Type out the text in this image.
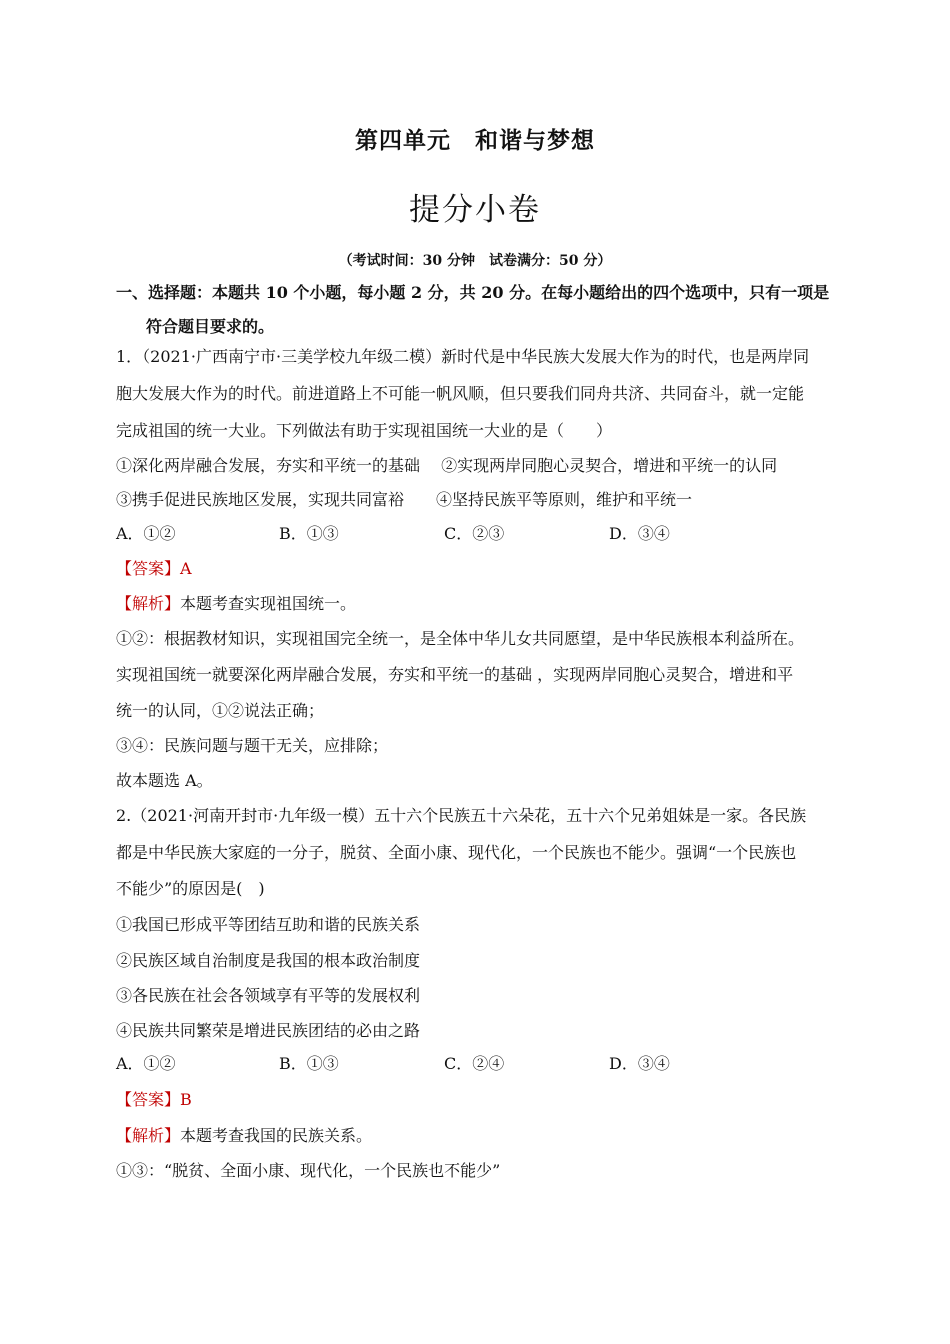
第四单元　和谐与梦想
提分小卷
（考试时间：30 分钟　试卷满分：50 分）
一、选择题：本题共 10 个小题，每小题 2 分，共 20 分。在每小题给出的四个选项中，只有一项是
符合题目要求的。
1．（2021·广西南宁市·三美学校九年级二模）新时代是中华民族大发展大作为的时代，也是两岸同
胞大发展大作为的时代。前进道路上不可能一帆风顺，但只要我们同舟共济、共同奋斗，就一定能
完成祖国的统一大业。下列做法有助于实现祖国统一大业的是（　　）
①深化两岸融合发展，夯实和平统一的基础　 ②实现两岸同胞心灵契合，增进和平统一的认同
③携手促进民族地区发展，实现共同富裕　　④坚持民族平等原则，维护和平统一
A．①②	B．①③	C．②③	D．③④
【答案】A
【解析】本题考查实现祖国统一。
①②：根据教材知识，实现祖国完全统一，是全体中华儿女共同愿望，是中华民族根本利益所在。
实现祖国统一就要深化两岸融合发展，夯实和平统一的基础 ，实现两岸同胞心灵契合，增进和平
统一的认同，①②说法正确；
③④：民族问题与题干无关，应排除；
故本题选 A。
2.（2021·河南开封市·九年级一模）五十六个民族五十六朵花，五十六个兄弟姐妹是一家。各民族
都是中华民族大家庭的一分子，脱贫、全面小康、现代化，一个民族也不能少。强调“一个民族也
不能少”的原因是(　)
①我国已形成平等团结互助和谐的民族关系
②民族区域自治制度是我国的根本政治制度
③各民族在社会各领域享有平等的发展权利
④民族共同繁荣是增进民族团结的必由之路
A．①②	B．①③	C．②④	D．③④
【答案】B
【解析】本题考查我国的民族关系。
①③：“脱贫、全面小康、现代化，一个民族也不能少”
